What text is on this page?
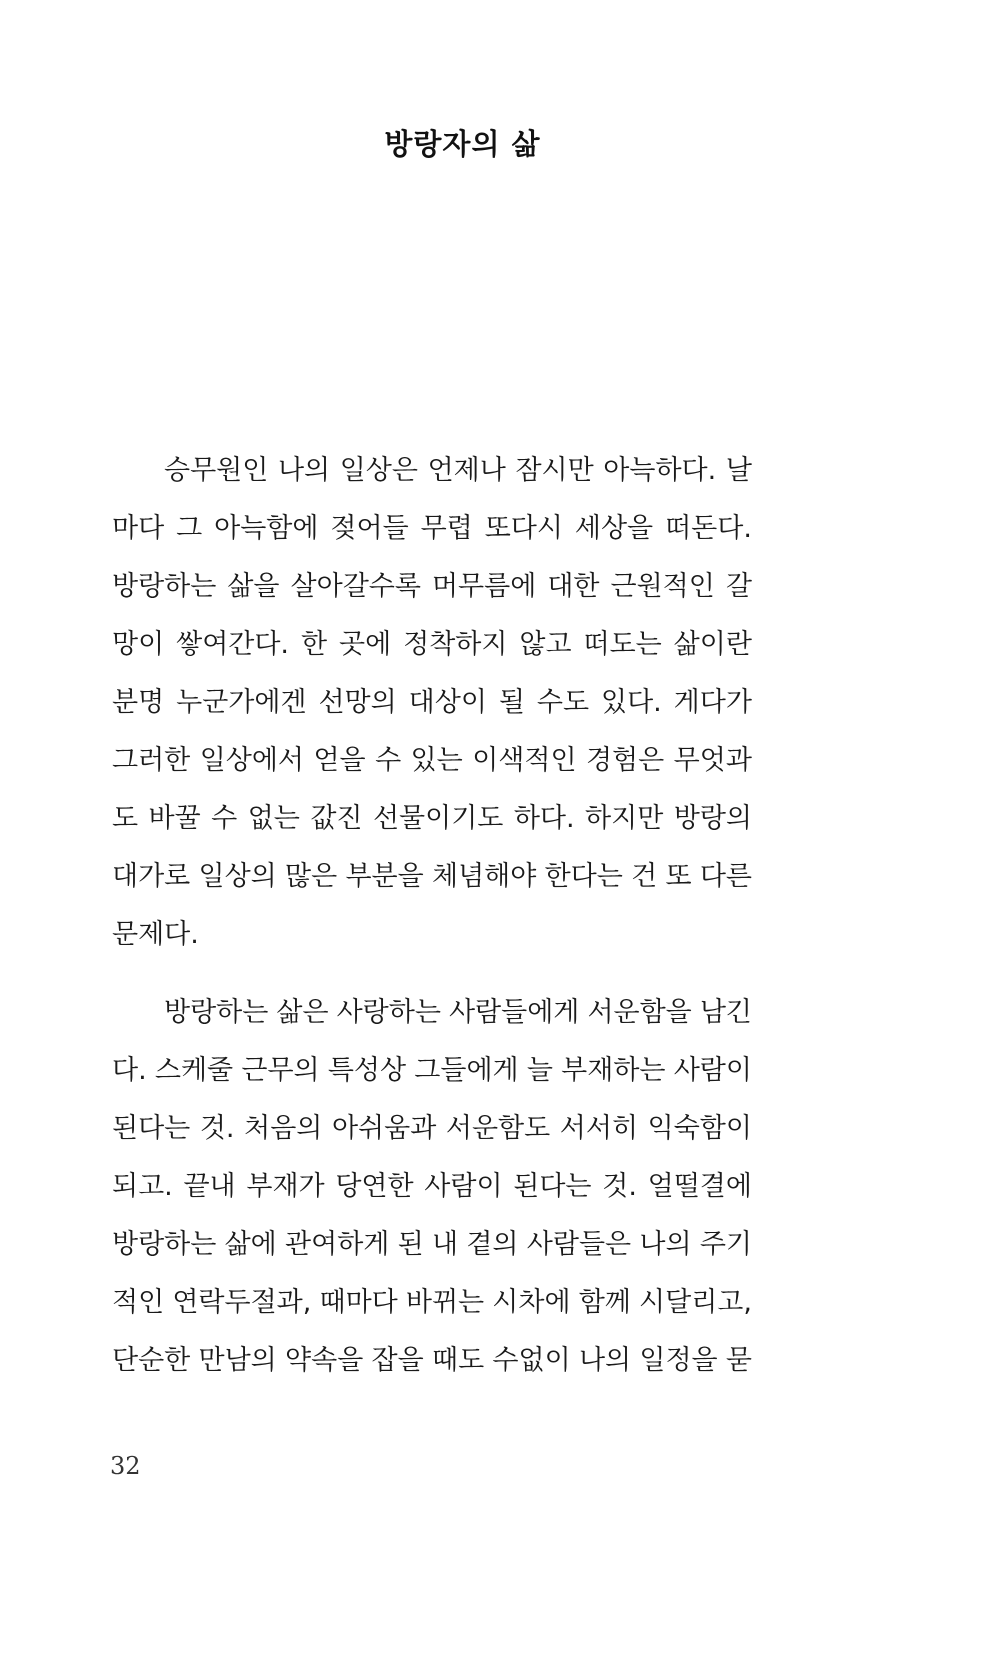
방랑자의 삶
승무원인 나의 일상은 언제나 잠시만 아늑하다. 날
마다 그 아늑함에 젖어들 무렵 또다시 세상을 떠돈다.
방랑하는 삶을 살아갈수록 머무름에 대한 근원적인 갈
망이 쌓여간다. 한 곳에 정착하지 않고 떠도는 삶이란
분명 누군가에겐 선망의 대상이 될 수도 있다. 게다가
그러한 일상에서 얻을 수 있는 이색적인 경험은 무엇과
도 바꿀 수 없는 값진 선물이기도 하다. 하지만 방랑의
대가로 일상의 많은 부분을 체념해야 한다는 건 또 다른
문제다.
방랑하는 삶은 사랑하는 사람들에게 서운함을 남긴
다. 스케줄 근무의 특성상 그들에게 늘 부재하는 사람이
된다는 것. 처음의 아쉬움과 서운함도 서서히 익숙함이
되고. 끝내 부재가 당연한 사람이 된다는 것. 얼떨결에
방랑하는 삶에 관여하게 된 내 곁의 사람들은 나의 주기
적인 연락두절과, 때마다 바뀌는 시차에 함께 시달리고,
단순한 만남의 약속을 잡을 때도 수없이 나의 일정을 묻
32
